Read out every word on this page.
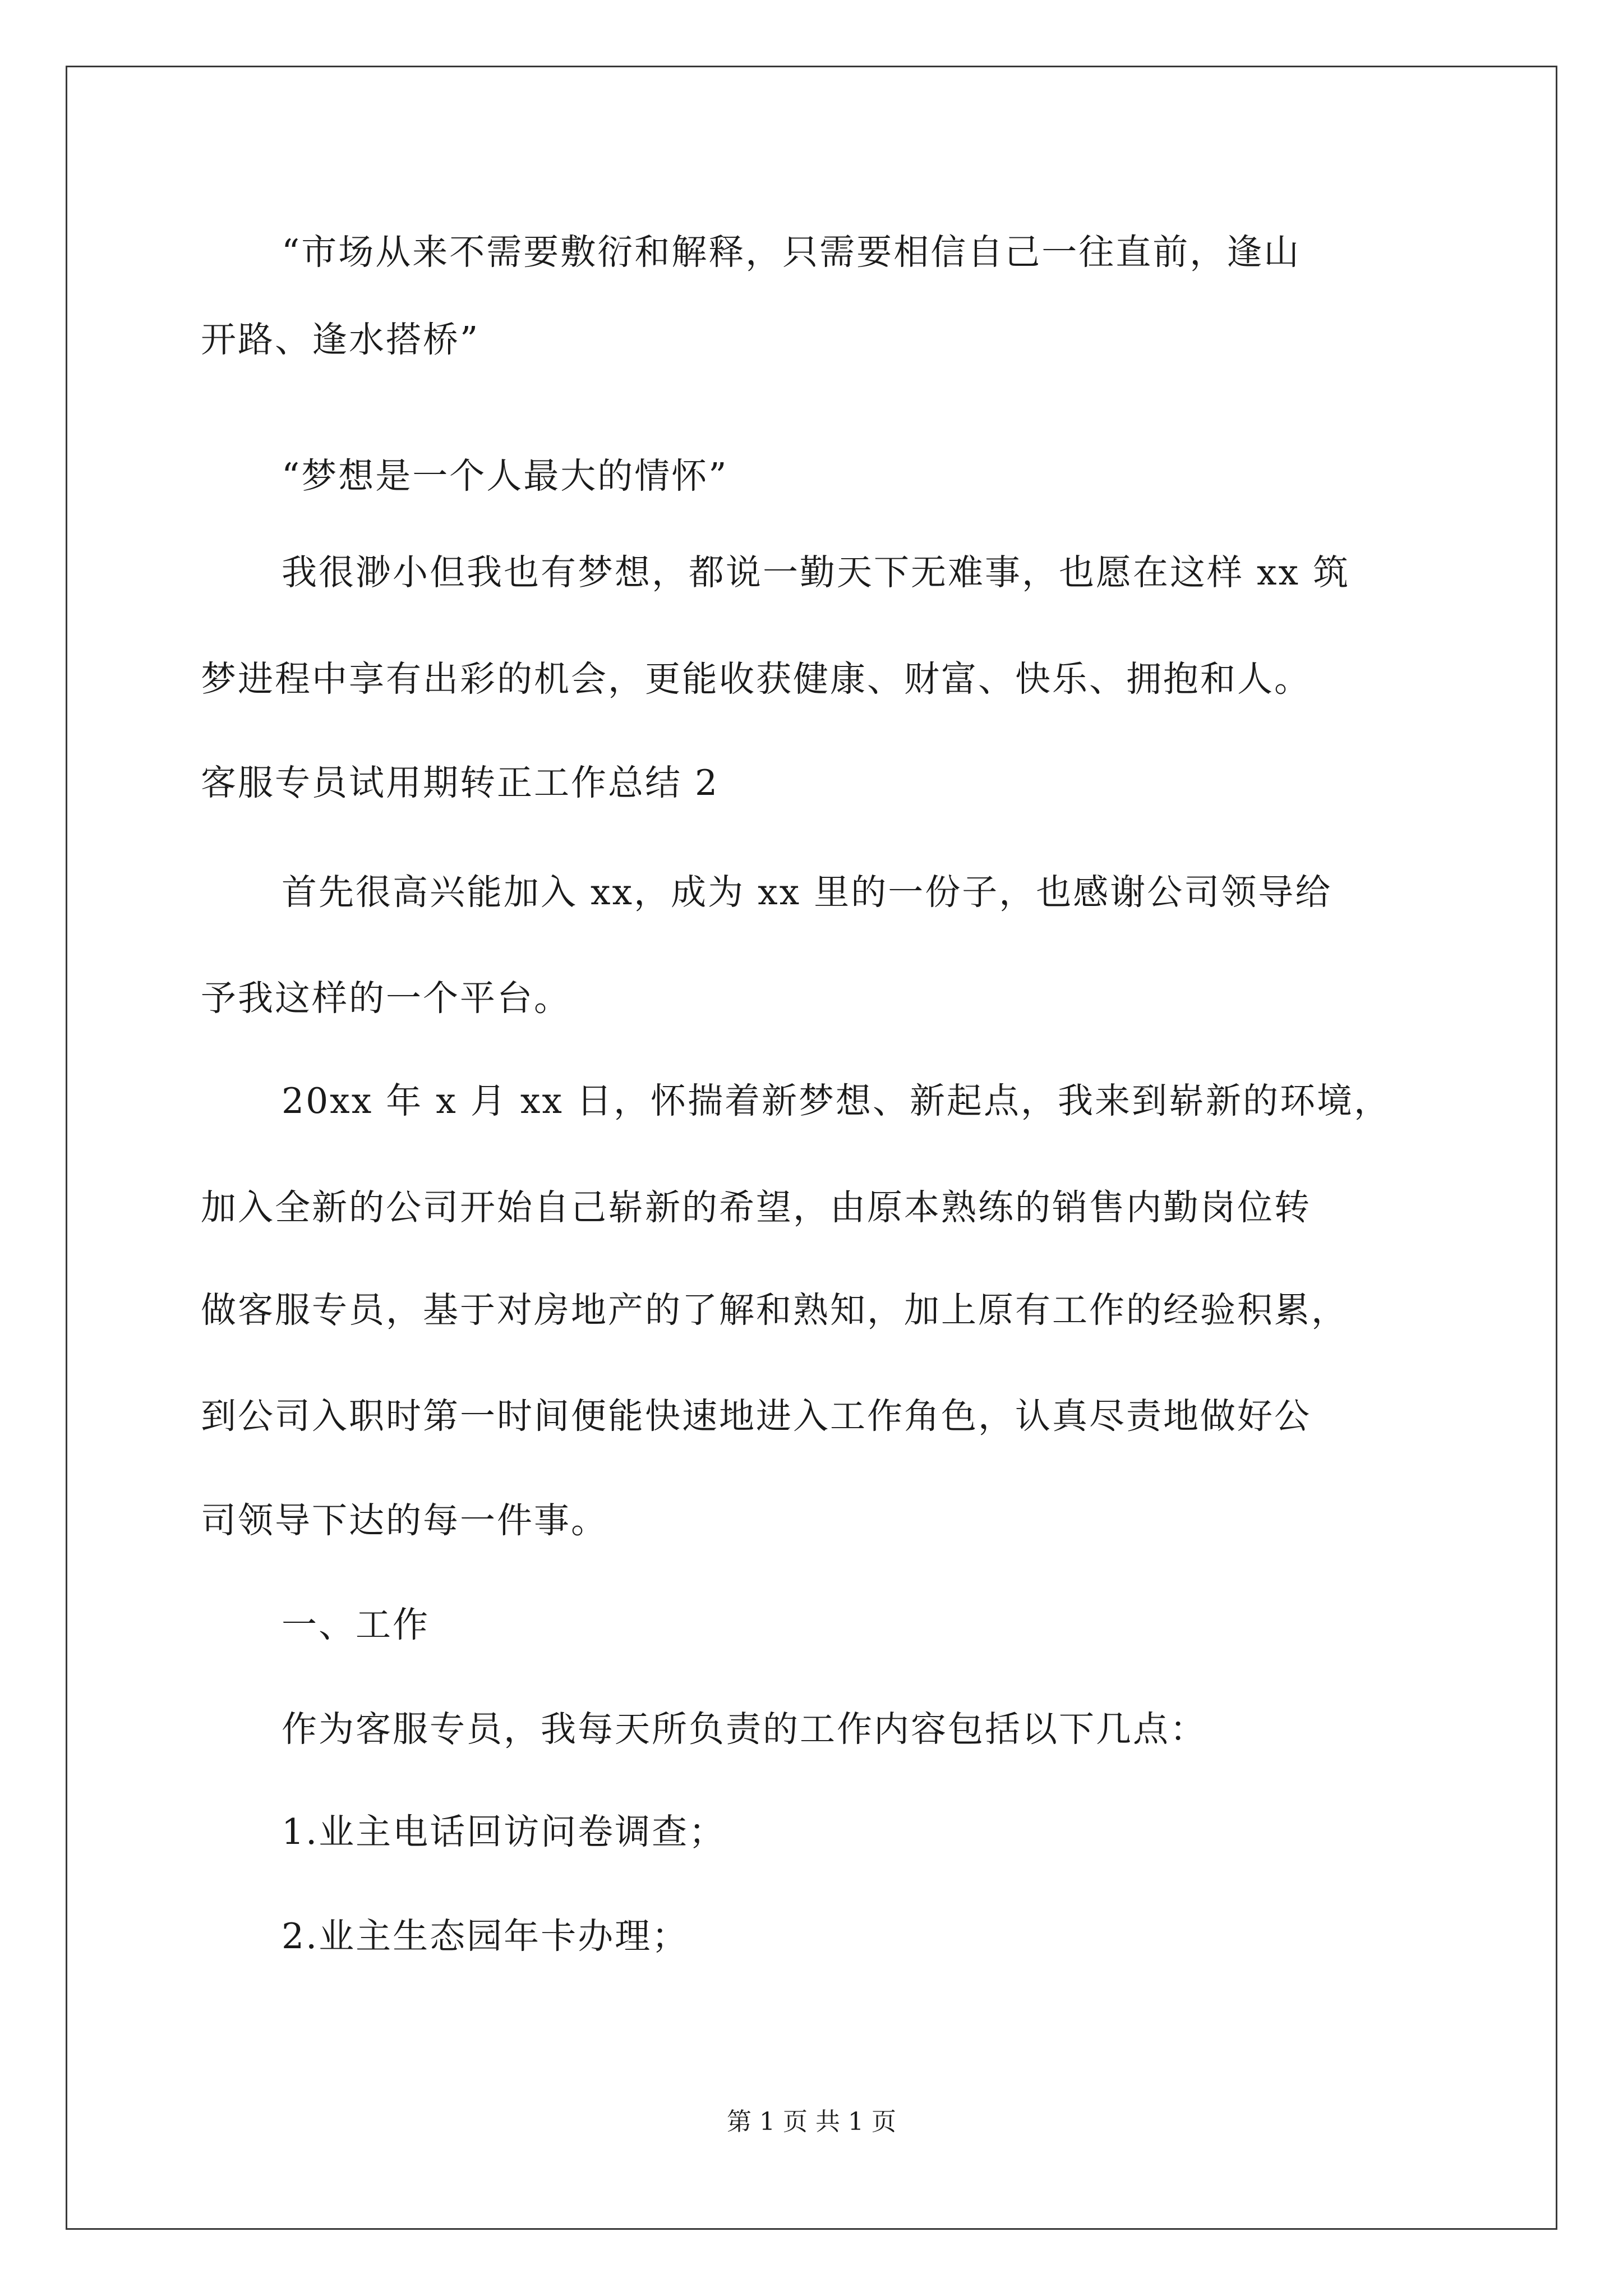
“市场从来不需要敷衍和解释，只需要相信自己一往直前，逢山
开路、逢水搭桥”
“梦想是一个人最大的情怀”
我很渺小但我也有梦想，都说一勤天下无难事，也愿在这样 xx 筑
梦进程中享有出彩的机会，更能收获健康、财富、快乐、拥抱和人。
客服专员试用期转正工作总结 2
首先很高兴能加入 xx，成为 xx 里的一份子，也感谢公司领导给
予我这样的一个平台。
20xx 年 x 月 xx 日，怀揣着新梦想、新起点，我来到崭新的环境，
加入全新的公司开始自己崭新的希望，由原本熟练的销售内勤岗位转
做客服专员，基于对房地产的了解和熟知，加上原有工作的经验积累，
到公司入职时第一时间便能快速地进入工作角色，认真尽责地做好公
司领导下达的每一件事。
一、工作
作为客服专员，我每天所负责的工作内容包括以下几点：
1.业主电话回访问卷调查；
2.业主生态园年卡办理；
第 1 页 共 1 页
